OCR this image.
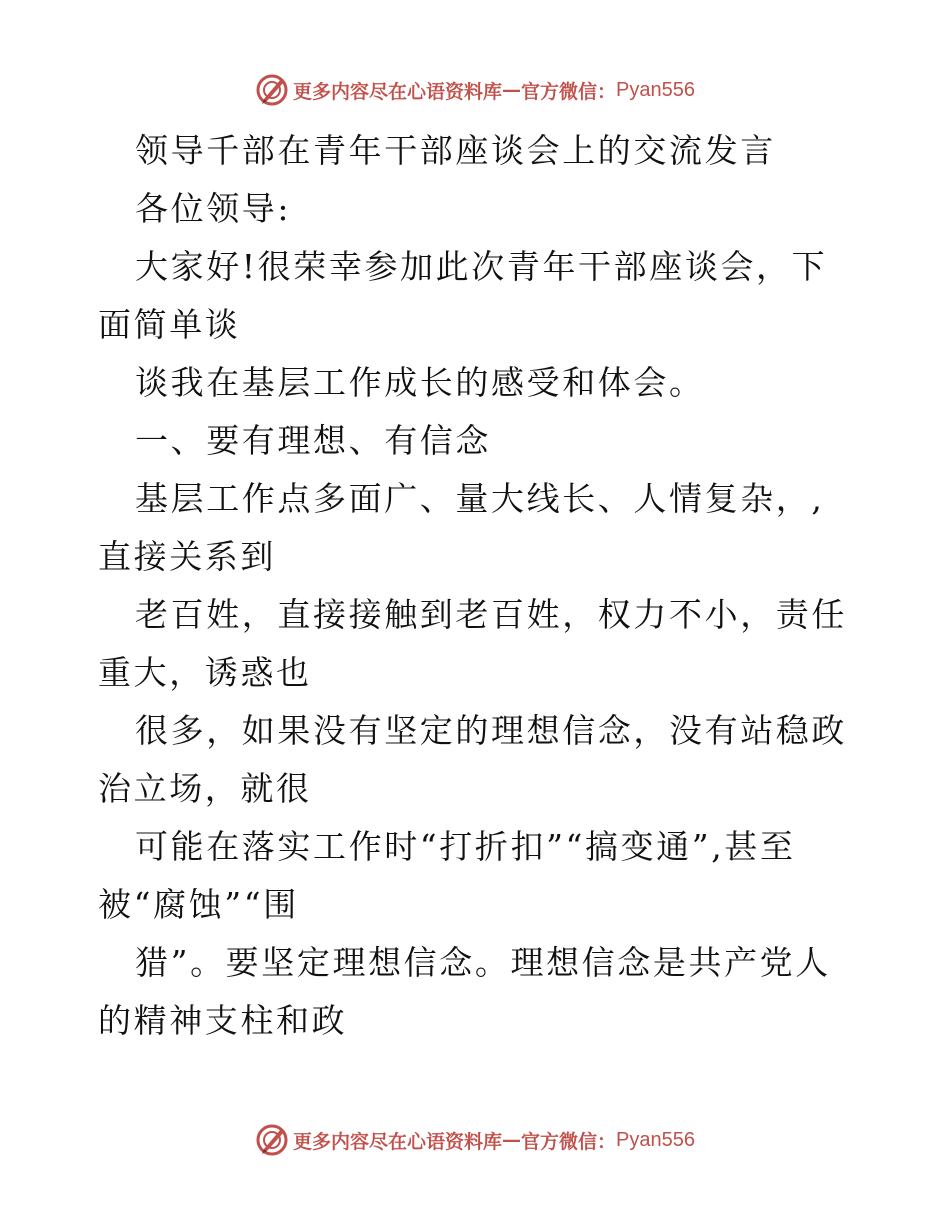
更多内容尽在心语资料库 — 官方微信： Pyan556

领导千部在青年干部座谈会上的交流发言

各位领导:

大家好!很荣幸参加此次青年干部座谈会，下面简单谈

谈我在基层工作成长的感受和体会。

一、要有理想、有信念

基层工作点多面广、量大线长、人情复杂，,直接关系到

老百姓，直接接触到老百姓，权力不小，责任重大，诱惑也

很多，如果没有坚定的理想信念，没有站稳政治立场，就很

可能在落实工作时“打折扣”“搞变通”,甚至被“腐蚀”“围

猎”。要坚定理想信念。理想信念是共产党人的精神支柱和政

更多内容尽在心语资料库 — 官方微信： Pyan556
